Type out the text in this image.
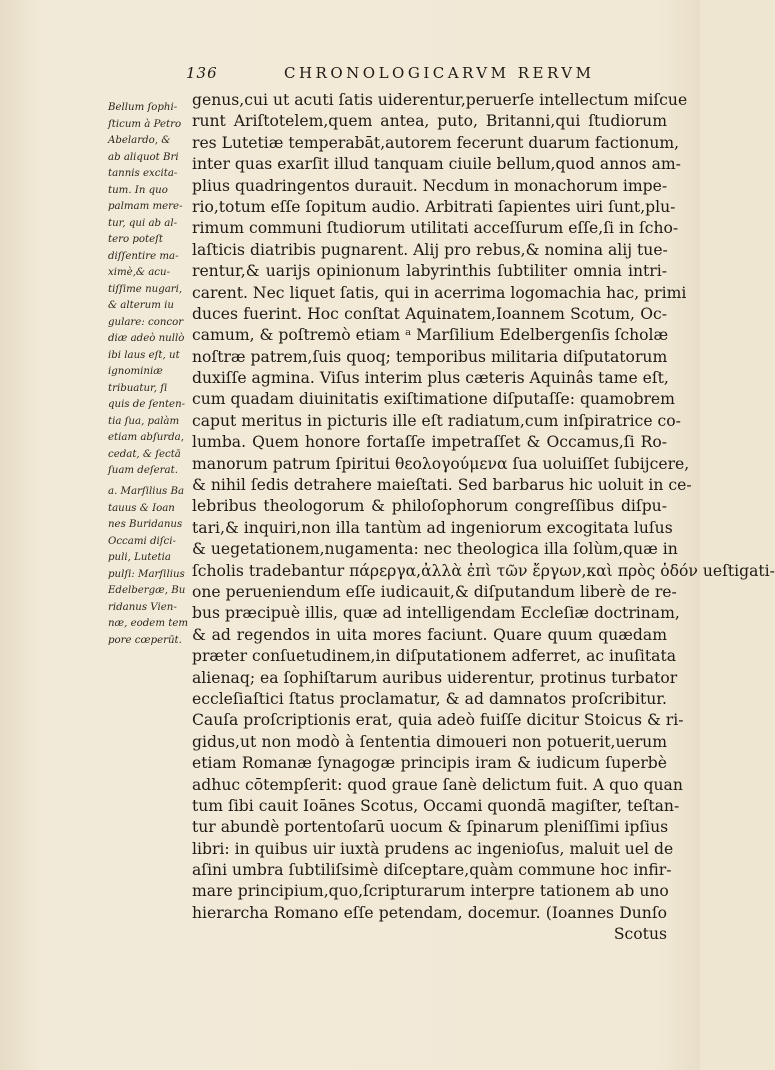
136	CHRONOLOGICARVM RERVM
Bellum ſophi-
ſticum à Petro
Abelardo, &
ab aliquot Bri
tannis excita-
tum. In quo
palmam mere-
tur, qui ab al-
tero poteſt
diſſentire ma-
ximè,& acu-
tiſſime nugari,
& alterum iu
gulare: concor
diæ adeò nullò
ibi laus eſt, ut
ignominiæ
tribuatur, ſi
quis de ſenten-
tia ſua, palàm
etiam abſurda,
cedat, & ſectā
ſuam deſerat.
a. Marſilius Ba
tauus & Ioan
nes Buridanus
Occami diſci-
puli, Lutetia
pulſi: Marſilius
Edelbergæ, Bu
ridanus Vien-
næ, eodem tem
pore cœperūt.
genus,cui ut acuti ſatis uiderentur,peruerſe intellectum miſcue
runt Ariſtotelem,quem antea, puto, Britanni,qui ſtudiorum
res Lutetiæ temperabāt,autorem fecerunt duarum factionum,
inter quas exarſit illud tanquam ciuile bellum,quod annos am-
plius quadringentos durauit. Necdum in monachorum impe-
rio,totum eſſe ſopitum audio. Arbitrati ſapientes uiri ſunt,plu-
rimum communi ſtudiorum utilitati acceſſurum eſſe,ſi in ſcho-
laſticis diatribis pugnarent. Alij pro rebus,& nomina alij tue-
rentur,& uarijs opinionum labyrinthis ſubtiliter omnia intri-
carent. Nec liquet ſatis, qui in acerrima logomachia hac, primi
duces fuerint. Hoc conſtat Aquinatem,Ioannem Scotum, Oc-
camum, & poſtremò etiam ᵃ Marſilium Edelbergenſis ſcholæ
noſtræ patrem,ſuis quoq; temporibus militaria diſputatorum
duxiſſe agmina. Viſus interim plus cæteris Aquinâs tame eſt,
cum quadam diuinitatis exiſtimatione diſputaſſe: quamobrem
caput meritus in picturis ille eſt radiatum,cum inſpiratrice co-
lumba. Quem honore fortaſſe impetraſſet & Occamus,ſi Ro-
manorum patrum ſpiritui θεολογούμενα ſua uoluiſſet ſubijcere,
& nihil ſedis detrahere maieſtati. Sed barbarus hic uoluit in ce-
lebribus theologorum & philoſophorum congreſſibus diſpu-
tari,& inquiri,non illa tantùm ad ingeniorum excogitata luſus
& uegetationem,nugamenta: nec theologica illa ſolùm,quæ in
ſcholis tradebantur πάρεργα,ἀλλὰ ἐπὶ τῶν ἔργων,καὶ πρὸς ὁδόν ueſtigati-
one perueniendum eſſe iudicauit,& diſputandum liberè de re-
bus præcipuè illis, quæ ad intelligendam Eccleſiæ doctrinam,
& ad regendos in uita mores faciunt. Quare quum quædam
præter conſuetudinem,in diſputationem adferret, ac inuſitata
alienaq; ea ſophiſtarum auribus uiderentur, protinus turbator
eccleſiaſtici ſtatus proclamatur, & ad damnatos proſcribitur.
Cauſa proſcriptionis erat, quia adeò fuiſſe dicitur Stoicus & ri-
gidus,ut non modò à ſententia dimoueri non potuerit,uerum
etiam Romanæ ſynagogæ principis iram & iudicum ſuperbè
adhuc cōtempſerit: quod graue ſanè delictum fuit. A quo quan
tum ſibi cauit Ioānes Scotus, Occami quondā magiſter, teſtan-
tur abundè portentoſarū uocum & ſpinarum pleniſſimi ipſius
libri: in quibus uir iuxtà prudens ac ingenioſus, maluit uel de
aſini umbra ſubtiliſsimè diſceptare,quàm commune hoc infir-
mare principium,quo,ſcripturarum interpre tationem ab uno
hierarcha Romano eſſe petendam, docemur. (Ioannes Dunſo
Scotus
